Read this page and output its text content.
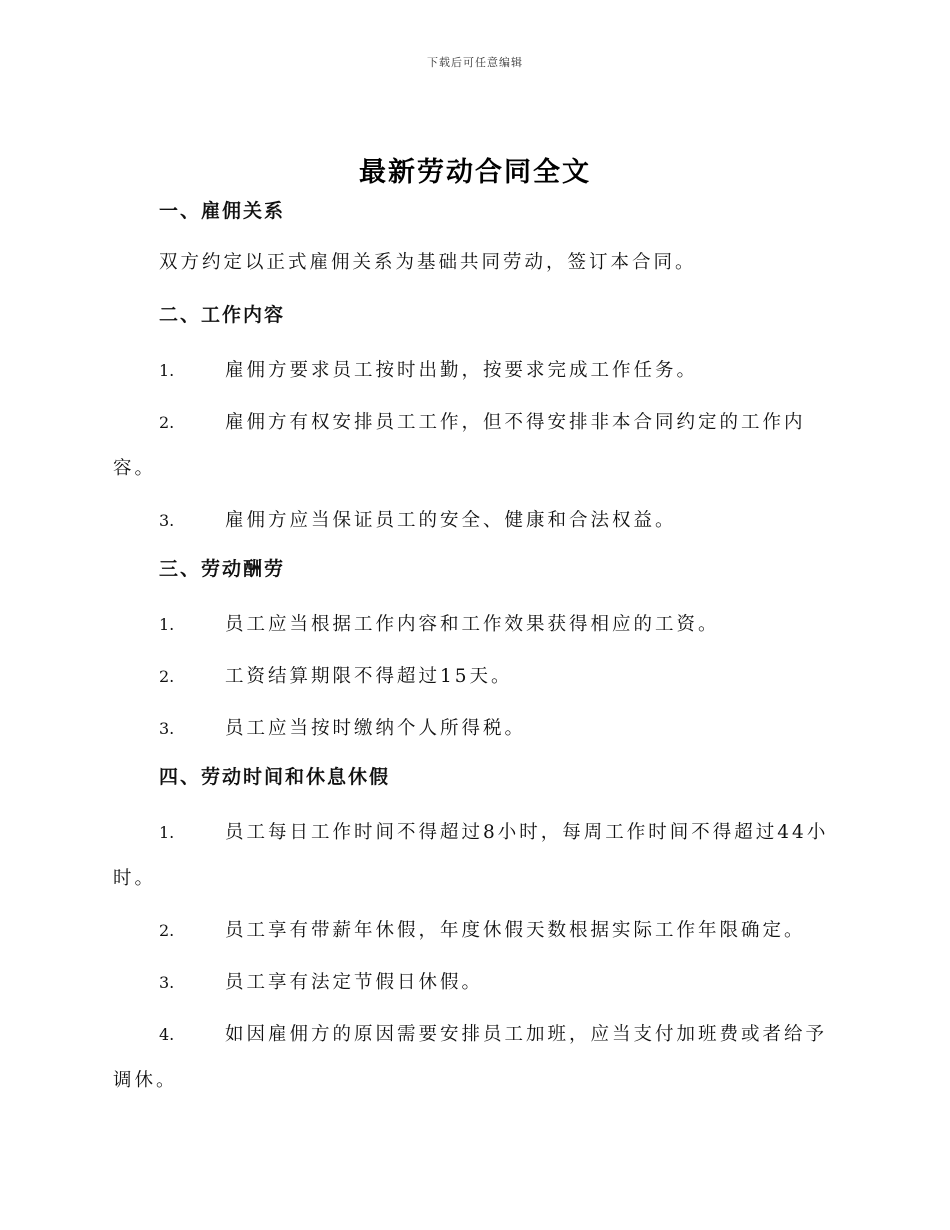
下载后可任意编辑
最新劳动合同全文
一、雇佣关系
双方约定以正式雇佣关系为基础共同劳动，签订本合同。
二、工作内容
1.	雇佣方要求员工按时出勤，按要求完成工作任务。
2.	雇佣方有权安排员工工作，但不得安排非本合同约定的工作内容。
3.	雇佣方应当保证员工的安全、健康和合法权益。
三、劳动酬劳
1.	员工应当根据工作内容和工作效果获得相应的工资。
2.	工资结算期限不得超过15天。
3.	员工应当按时缴纳个人所得税。
四、劳动时间和休息休假
1.	员工每日工作时间不得超过8小时，每周工作时间不得超过44小时。
2.	员工享有带薪年休假，年度休假天数根据实际工作年限确定。
3.	员工享有法定节假日休假。
4.	如因雇佣方的原因需要安排员工加班，应当支付加班费或者给予调休。
